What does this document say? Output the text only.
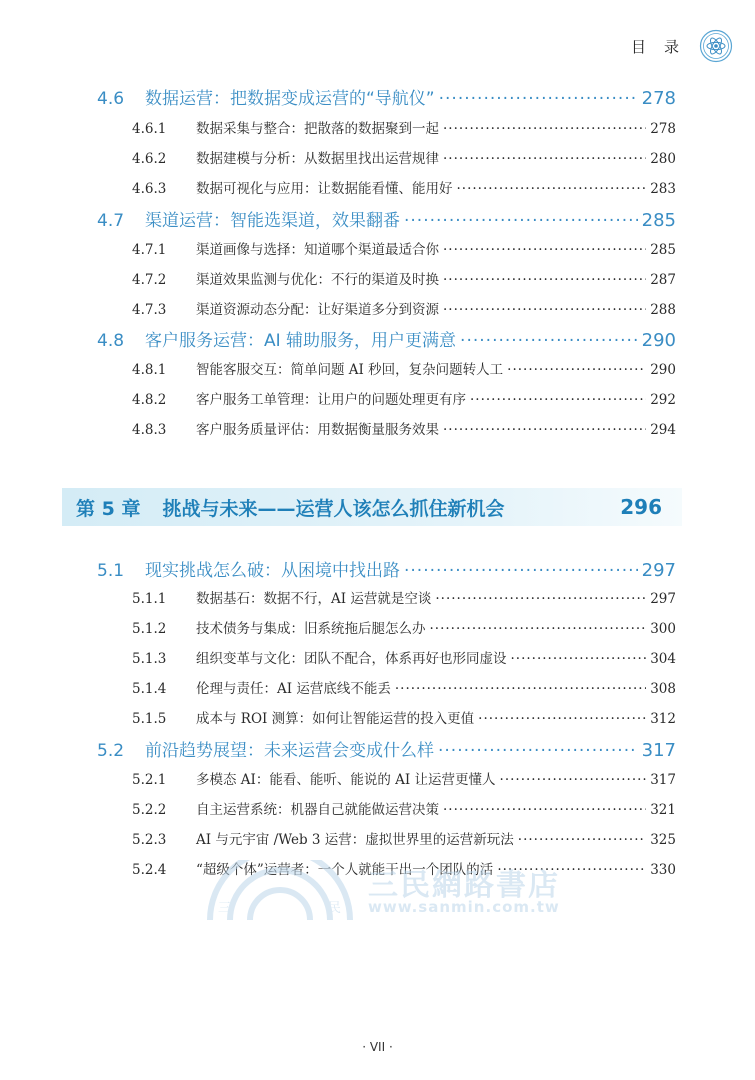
目录
4.6	数据运营：把数据变成运营的“导航仪” ·····	278
4.6.1	数据采集与整合：把散落的数据聚到一起 ·····	278
4.6.2	数据建模与分析：从数据里找出运营规律 ·····	280
4.6.3	数据可视化与应用：让数据能看懂、能用好 ·····	283
4.7	渠道运营：智能选渠道，效果翻番 ·····	285
4.7.1	渠道画像与选择：知道哪个渠道最适合你 ·····	285
4.7.2	渠道效果监测与优化：不行的渠道及时换 ·····	287
4.7.3	渠道资源动态分配：让好渠道多分到资源 ·····	288
4.8	客户服务运营：AI 辅助服务，用户更满意 ·····	290
4.8.1	智能客服交互：简单问题 AI 秒回，复杂问题转人工 ·····	290
4.8.2	客户服务工单管理：让用户的问题处理更有序 ·····	292
4.8.3	客户服务质量评估：用数据衡量服务效果 ·····	294
第 5 章 挑战与未来——运营人该怎么抓住新机会	296
5.1	现实挑战怎么破：从困境中找出路 ·····	297
5.1.1	数据基石：数据不行，AI 运营就是空谈 ·····	297
5.1.2	技术债务与集成：旧系统拖后腿怎么办 ·····	300
5.1.3	组织变革与文化：团队不配合，体系再好也形同虚设 ·····	304
5.1.4	伦理与责任：AI 运营底线不能丢 ·····	308
5.1.5	成本与 ROI 测算：如何让智能运营的投入更值 ·····	312
5.2	前沿趋势展望：未来运营会变成什么样 ·····	317
5.2.1	多模态 AI：能看、能听、能说的 AI 让运营更懂人 ·····	317
5.2.2	自主运营系统：机器自己就能做运营决策 ·····	321
5.2.3	AI 与元宇宙 /Web 3 运营：虚拟世界里的运营新玩法 ·····	325
5.2.4	“超级个体”运营者：一个人就能干出一个团队的活 ·····	330
三	民
三民網路書店
www.sanmin.com.tw
· VII ·
